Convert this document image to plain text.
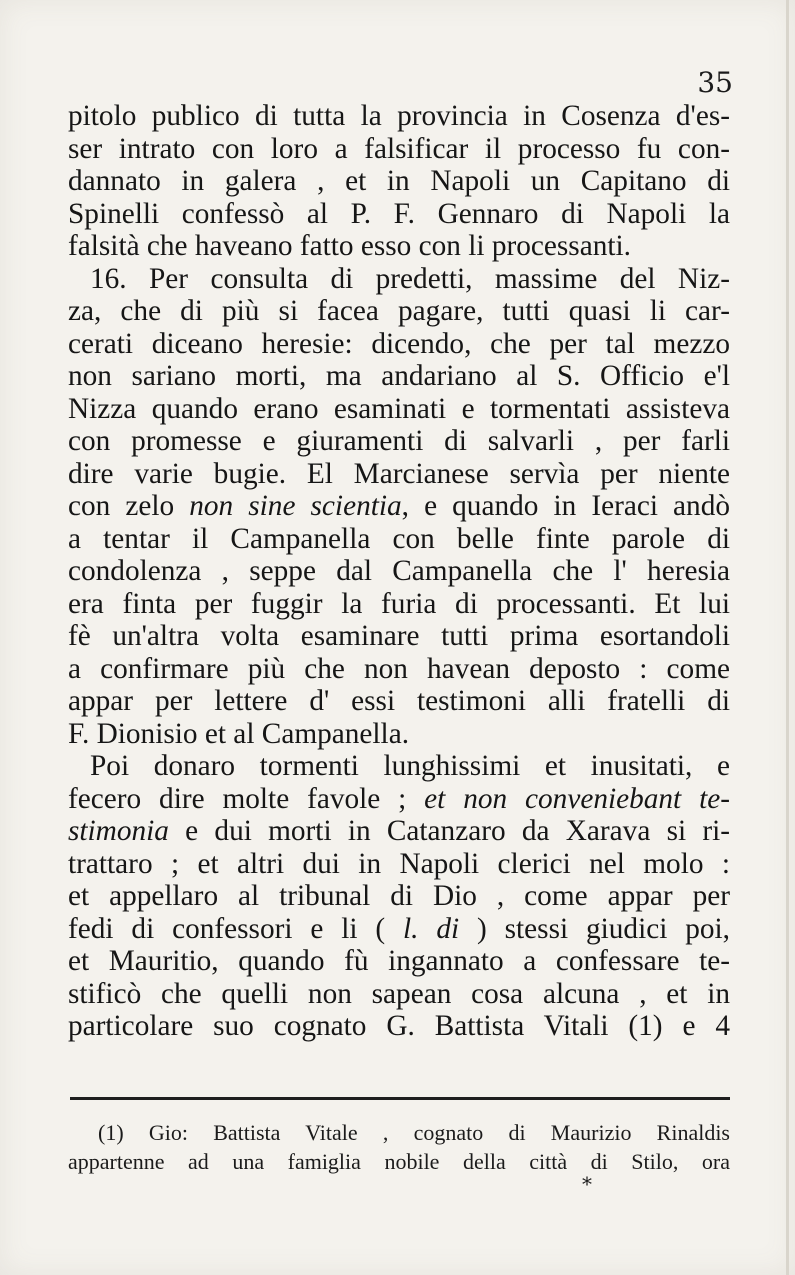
35
pitolo publico di tutta la provincia in Cosenza d'es-
ser intrato con loro a falsificar il processo fu con-
dannato in galera , et in Napoli un Capitano di
Spinelli confessò al P. F. Gennaro di Napoli la
falsità che haveano fatto esso con li processanti.
16. Per consulta di predetti, massime del Niz-
za, che di più si facea pagare, tutti quasi li car-
cerati diceano heresie: dicendo, che per tal mezzo
non sariano morti, ma andariano al S. Officio e'l
Nizza quando erano esaminati e tormentati assisteva
con promesse e giuramenti di salvarli , per farli
dire varie bugie. El Marcianese servìa per niente
con zelo non sine scientia, e quando in Ieraci andò
a tentar il Campanella con belle finte parole di
condolenza , seppe dal Campanella che l' heresia
era finta per fuggir la furia di processanti. Et lui
fè un'altra volta esaminare tutti prima esortandoli
a confirmare più che non havean deposto : come
appar per lettere d' essi testimoni alli fratelli di
F. Dionisio et al Campanella.
Poi donaro tormenti lunghissimi et inusitati, e
fecero dire molte favole ; et non conveniebant te-
stimonia e dui morti in Catanzaro da Xarava si ri-
trattaro ; et altri dui in Napoli clerici nel molo :
et appellaro al tribunal di Dio , come appar per
fedi di confessori e li ( l. di ) stessi giudici poi,
et Mauritio, quando fù ingannato a confessare te-
stificò che quelli non sapean cosa alcuna , et in
particolare suo cognato G. Battista Vitali (1) e 4
(1) Gio: Battista Vitale , cognato di Maurizio Rinaldis
appartenne ad una famiglia nobile della città di Stilo, ora
*
